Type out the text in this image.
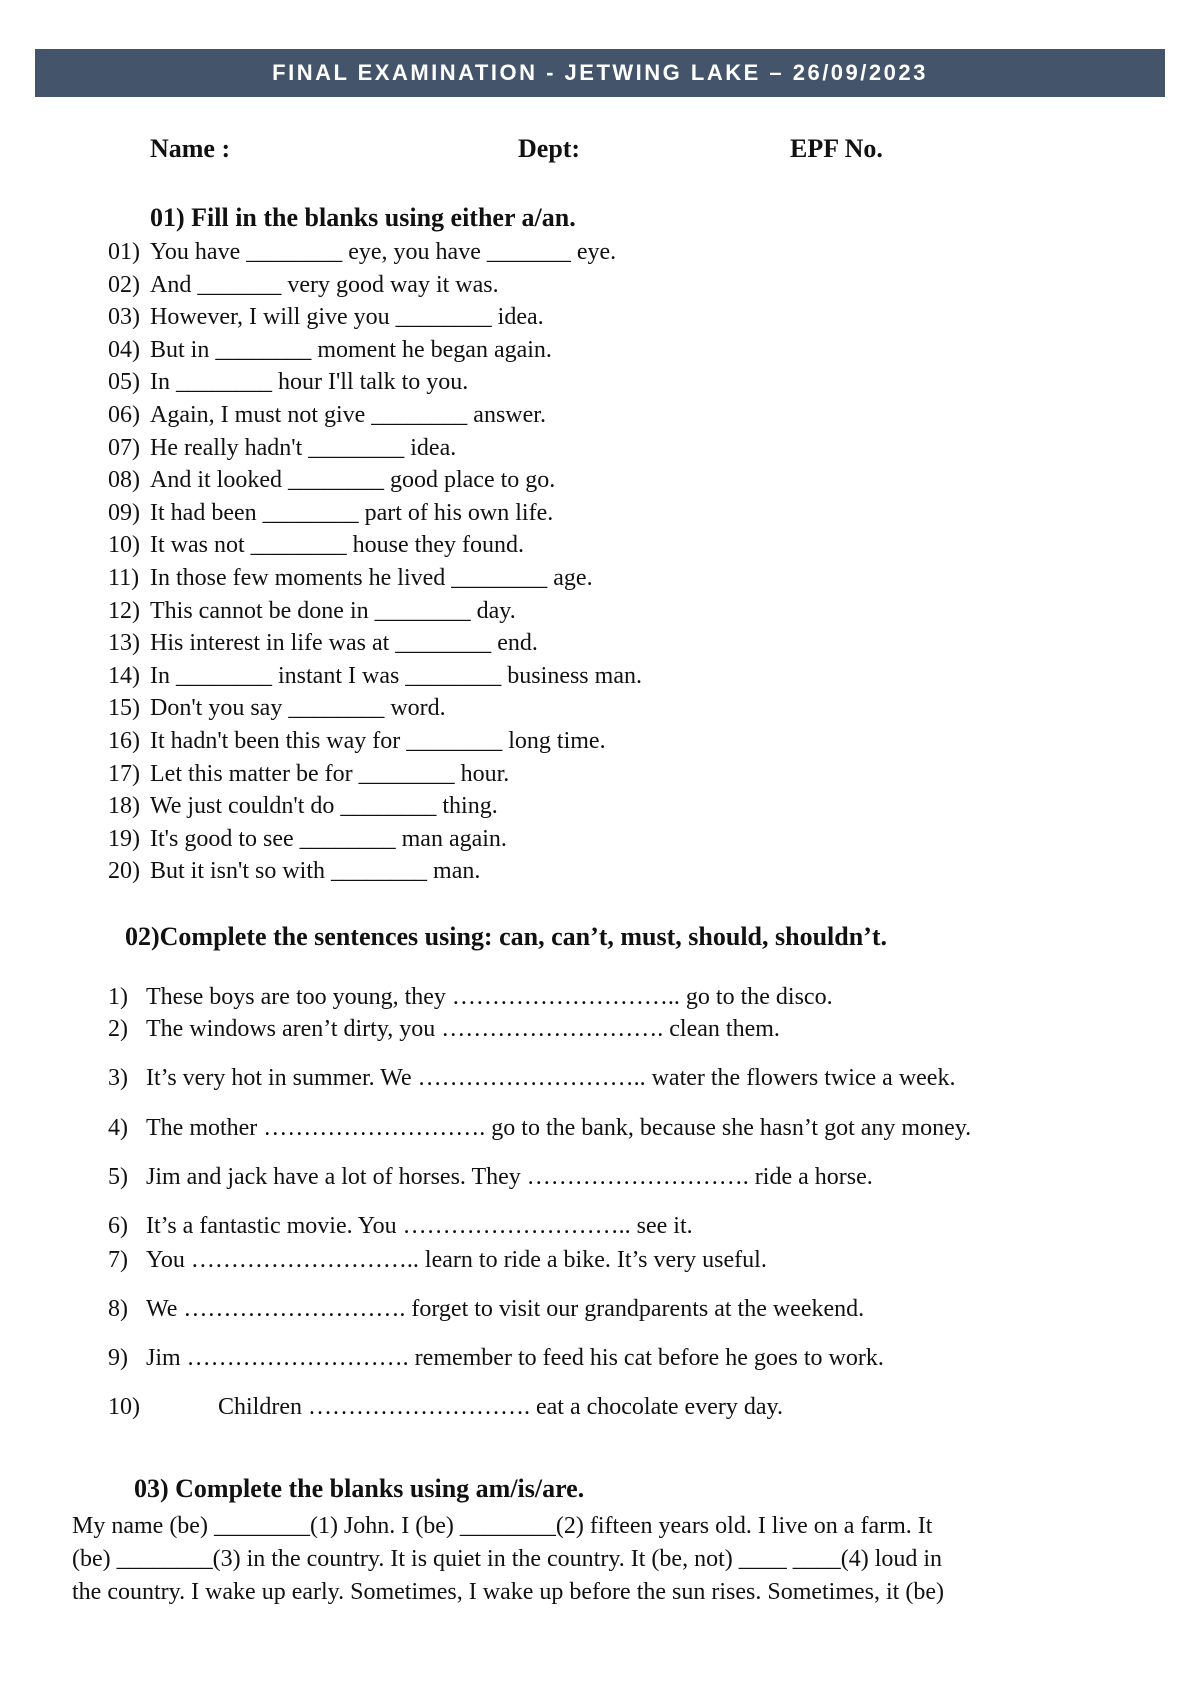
FINAL EXAMINATION - JETWING LAKE – 26/09/2023
Name :	Dept:	EPF No.
01) Fill in the blanks using either a/an.
01) You have ________ eye, you have _______ eye.
02) And _______ very good way it was.
03) However, I will give you ________ idea.
04) But in ________ moment he began again.
05) In ________ hour I'll talk to you.
06) Again, I must not give ________ answer.
07) He really hadn't ________ idea.
08) And it looked ________ good place to go.
09) It had been ________ part of his own life.
10) It was not ________ house they found.
11) In those few moments he lived ________ age.
12) This cannot be done in ________ day.
13) His interest in life was at ________ end.
14) In ________ instant I was ________ business man.
15) Don't you say ________ word.
16) It hadn't been this way for ________ long time.
17) Let this matter be for ________ hour.
18) We just couldn't do ________ thing.
19) It's good to see ________ man again.
20) But it isn't so with ________ man.
02)Complete the sentences using: can, can’t, must, should, shouldn’t.
1) These boys are too young, they ……………………….. go to the disco.
2) The windows aren’t dirty, you ………………………. clean them.
3) It’s very hot in summer. We ……………………….. water the flowers twice a week.
4) The mother ………………………. go to the bank, because she hasn’t got any money.
5) Jim and jack have a lot of horses. They ………………………. ride a horse.
6) It’s a fantastic movie. You ……………………….. see it.
7) You ……………………….. learn to ride a bike. It’s very useful.
8) We ………………………. forget to visit our grandparents at the weekend.
9) Jim ………………………. remember to feed his cat before he goes to work.
10)	Children ………………………. eat a chocolate every day.
03) Complete the blanks using am/is/are.
My name (be) ________(1) John. I (be) ________(2) fifteen years old. I live on a farm. It
(be) ________(3) in the country. It is quiet in the country. It (be, not) ____ ____(4) loud in
the country. I wake up early. Sometimes, I wake up before the sun rises. Sometimes, it (be)
